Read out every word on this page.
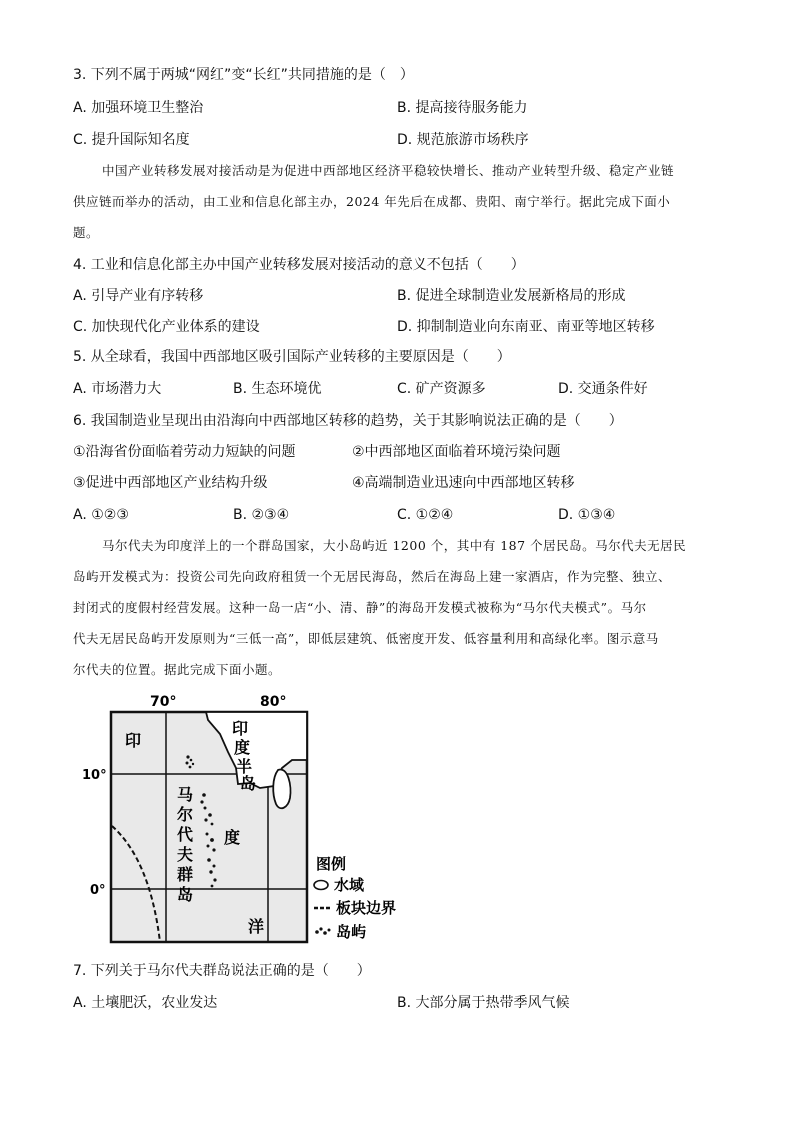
3. 下列不属于两城“网红”变“长红”共同措施的是（　）
A. 加强环境卫生整治	B. 提高接待服务能力
C. 提升国际知名度	D. 规范旅游市场秩序
中国产业转移发展对接活动是为促进中西部地区经济平稳较快增长、推动产业转型升级、稳定产业链
供应链而举办的活动，由工业和信息化部主办，2024 年先后在成都、贵阳、南宁举行。据此完成下面小
题。
4. 工业和信息化部主办中国产业转移发展对接活动的意义不包括（　　）
A. 引导产业有序转移	B. 促进全球制造业发展新格局的形成
C. 加快现代化产业体系的建设	D. 抑制制造业向东南亚、南亚等地区转移
5. 从全球看，我国中西部地区吸引国际产业转移的主要原因是（　　）
A. 市场潜力大	B. 生态环境优	C. 矿产资源多	D. 交通条件好
6. 我国制造业呈现出由沿海向中西部地区转移的趋势，关于其影响说法正确的是（　　）
①沿海省份面临着劳动力短缺的问题	②中西部地区面临着环境污染问题
③促进中西部地区产业结构升级	④高端制造业迅速向中西部地区转移
A. ①②③	B. ②③④	C. ①②④	D. ①③④
马尔代夫为印度洋上的一个群岛国家，大小岛屿近 1200 个，其中有 187 个居民岛。马尔代夫无居民
岛屿开发模式为：投资公司先向政府租赁一个无居民海岛，然后在海岛上建一家酒店，作为完整、独立、
封闭式的度假村经营发展。这种一岛一店“小、清、静”的海岛开发模式被称为“马尔代夫模式”。马尔
代夫无居民岛屿开发原则为“三低一高”，即低层建筑、低密度开发、低容量利用和高绿化率。图示意马
尔代夫的位置。据此完成下面小题。
70°	80°
10°
0°
印
印
度
半
岛
马
尔
代
夫
群
岛
度
洋
图例
水域
板块边界
岛屿
7. 下列关于马尔代夫群岛说法正确的是（　　）
A. 土壤肥沃，农业发达	B. 大部分属于热带季风气候
